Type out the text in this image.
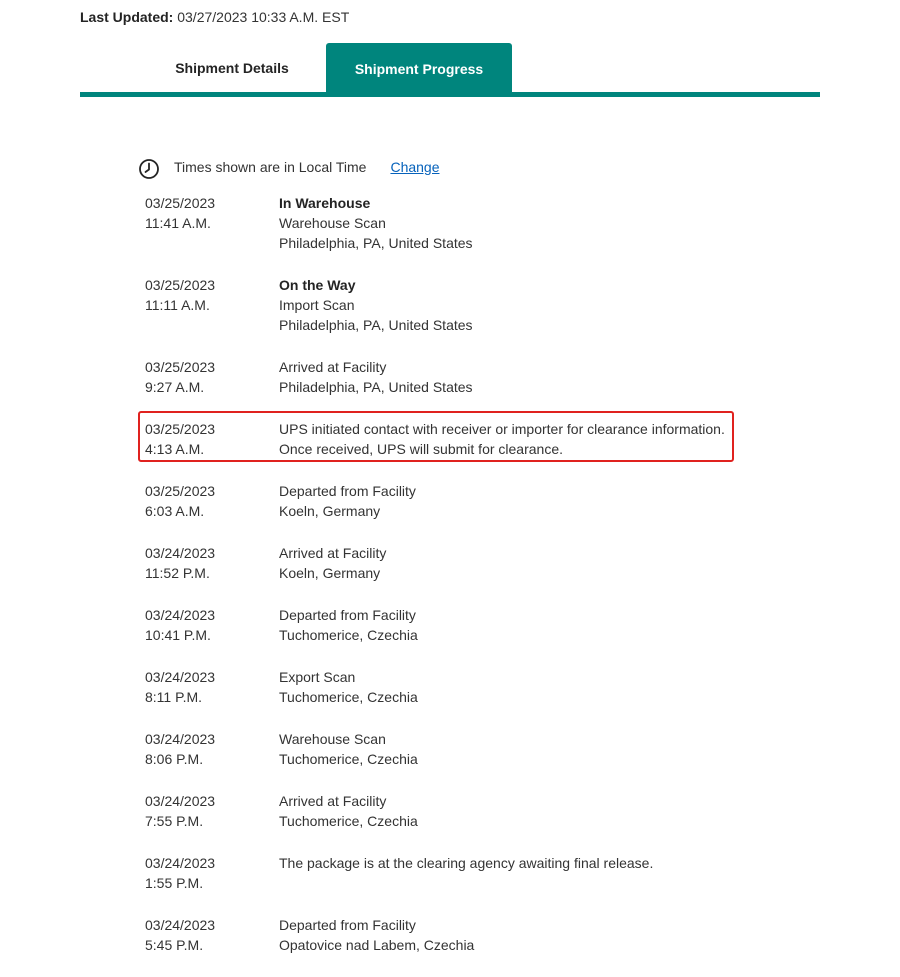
Last Updated: 03/27/2023 10:33 A.M. EST
Shipment Details	Shipment Progress
Times shown are in Local Time Change
03/25/2023
11:41 A.M.
In Warehouse
Warehouse Scan
Philadelphia, PA, United States
03/25/2023
11:11 A.M.
On the Way
Import Scan
Philadelphia, PA, United States
03/25/2023
9:27 A.M.
Arrived at Facility
Philadelphia, PA, United States
03/25/2023
4:13 A.M.
UPS initiated contact with receiver or importer for clearance information.
Once received, UPS will submit for clearance.
03/25/2023
6:03 A.M.
Departed from Facility
Koeln, Germany
03/24/2023
11:52 P.M.
Arrived at Facility
Koeln, Germany
03/24/2023
10:41 P.M.
Departed from Facility
Tuchomerice, Czechia
03/24/2023
8:11 P.M.
Export Scan
Tuchomerice, Czechia
03/24/2023
8:06 P.M.
Warehouse Scan
Tuchomerice, Czechia
03/24/2023
7:55 P.M.
Arrived at Facility
Tuchomerice, Czechia
03/24/2023
1:55 P.M.
The package is at the clearing agency awaiting final release.
03/24/2023
5:45 P.M.
Departed from Facility
Opatovice nad Labem, Czechia
